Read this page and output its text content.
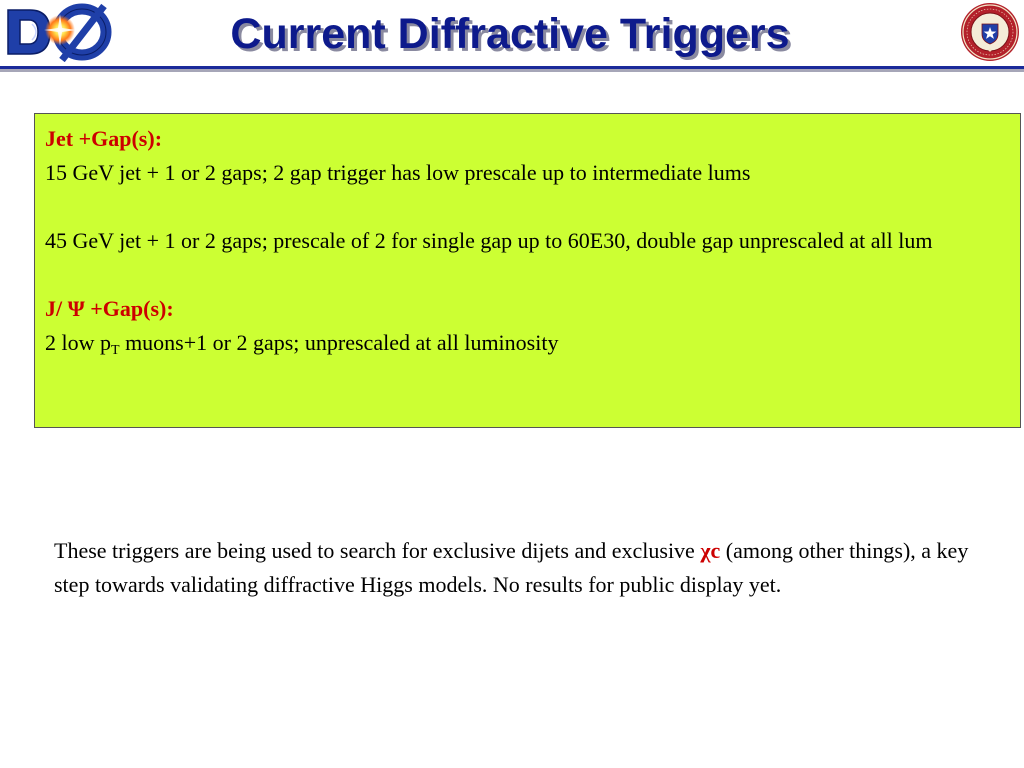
Current Diffractive Triggers
Jet +Gap(s):
15 GeV jet + 1 or 2 gaps; 2 gap trigger has low prescale up to intermediate lums
45 GeV jet + 1 or 2 gaps; prescale of 2 for single gap up to 60E30, double gap unprescaled at all lum
J/ Ψ +Gap(s):
2 low $p_T$ muons+1 or 2 gaps; unprescaled at all luminosity
These triggers are being used to search for exclusive dijets and exclusive χc (among other things), a key step towards validating diffractive Higgs models. No results for public display yet.
